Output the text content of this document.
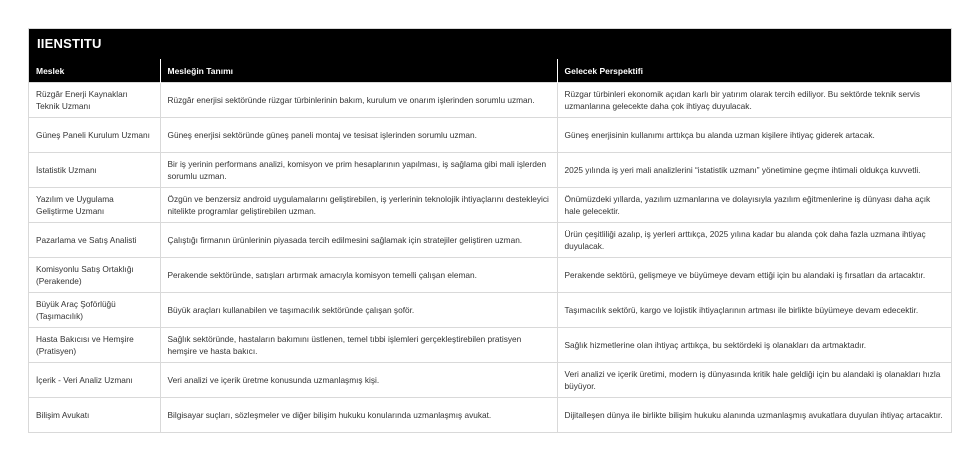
IIENSTITU
Meslek	Mesleğin Tanımı	Gelecek Perspektifi
Rüzgâr Enerji Kaynakları Teknik Uzmanı	Rüzgâr enerjisi sektöründe rüzgar türbinlerinin bakım, kurulum ve onarım işlerinden sorumlu uzman.	Rüzgar türbinleri ekonomik açıdan karlı bir yatırım olarak tercih ediliyor. Bu sektörde teknik servis uzmanlarına gelecekte daha çok ihtiyaç duyulacak.
Güneş Paneli Kurulum Uzmanı	Güneş enerjisi sektöründe güneş paneli montaj ve tesisat işlerinden sorumlu uzman.	Güneş enerjisinin kullanımı arttıkça bu alanda uzman kişilere ihtiyaç giderek artacak.
İstatistik Uzmanı	Bir iş yerinin performans analizi, komisyon ve prim hesaplarının yapılması, iş sağlama gibi mali işlerden sorumlu uzman.	2025 yılında iş yeri mali analizlerini “istatistik uzmanı” yönetimine geçme ihtimali oldukça kuvvetli.
Yazılım ve Uygulama Geliştirme Uzmanı	Özgün ve benzersiz android uygulamalarını geliştirebilen, iş yerlerinin teknolojik ihtiyaçlarını destekleyici nitelikte programlar geliştirebilen uzman.	Önümüzdeki yıllarda, yazılım uzmanlarına ve dolayısıyla yazılım eğitmenlerine iş dünyası daha açık hale gelecektir.
Pazarlama ve Satış Analisti	Çalıştığı firmanın ürünlerinin piyasada tercih edilmesini sağlamak için stratejiler geliştiren uzman.	Ürün çeşitliliği azalıp, iş yerleri arttıkça, 2025 yılına kadar bu alanda çok daha fazla uzmana ihtiyaç duyulacak.
Komisyonlu Satış Ortaklığı (Perakende)	Perakende sektöründe, satışları artırmak amacıyla komisyon temelli çalışan eleman.	Perakende sektörü, gelişmeye ve büyümeye devam ettiği için bu alandaki iş fırsatları da artacaktır.
Büyük Araç Şoförlüğü (Taşımacılık)	Büyük araçları kullanabilen ve taşımacılık sektöründe çalışan şoför.	Taşımacılık sektörü, kargo ve lojistik ihtiyaçlarının artması ile birlikte büyümeye devam edecektir.
Hasta Bakıcısı ve Hemşire (Pratisyen)	Sağlık sektöründe, hastaların bakımını üstlenen, temel tıbbi işlemleri gerçekleştirebilen pratisyen hemşire ve hasta bakıcı.	Sağlık hizmetlerine olan ihtiyaç arttıkça, bu sektördeki iş olanakları da artmaktadır.
İçerik - Veri Analiz Uzmanı	Veri analizi ve içerik üretme konusunda uzmanlaşmış kişi.	Veri analizi ve içerik üretimi, modern iş dünyasında kritik hale geldiği için bu alandaki iş olanakları hızla büyüyor.
Bilişim Avukatı	Bilgisayar suçları, sözleşmeler ve diğer bilişim hukuku konularında uzmanlaşmış avukat.	Dijitalleşen dünya ile birlikte bilişim hukuku alanında uzmanlaşmış avukatlara duyulan ihtiyaç artacaktır.
